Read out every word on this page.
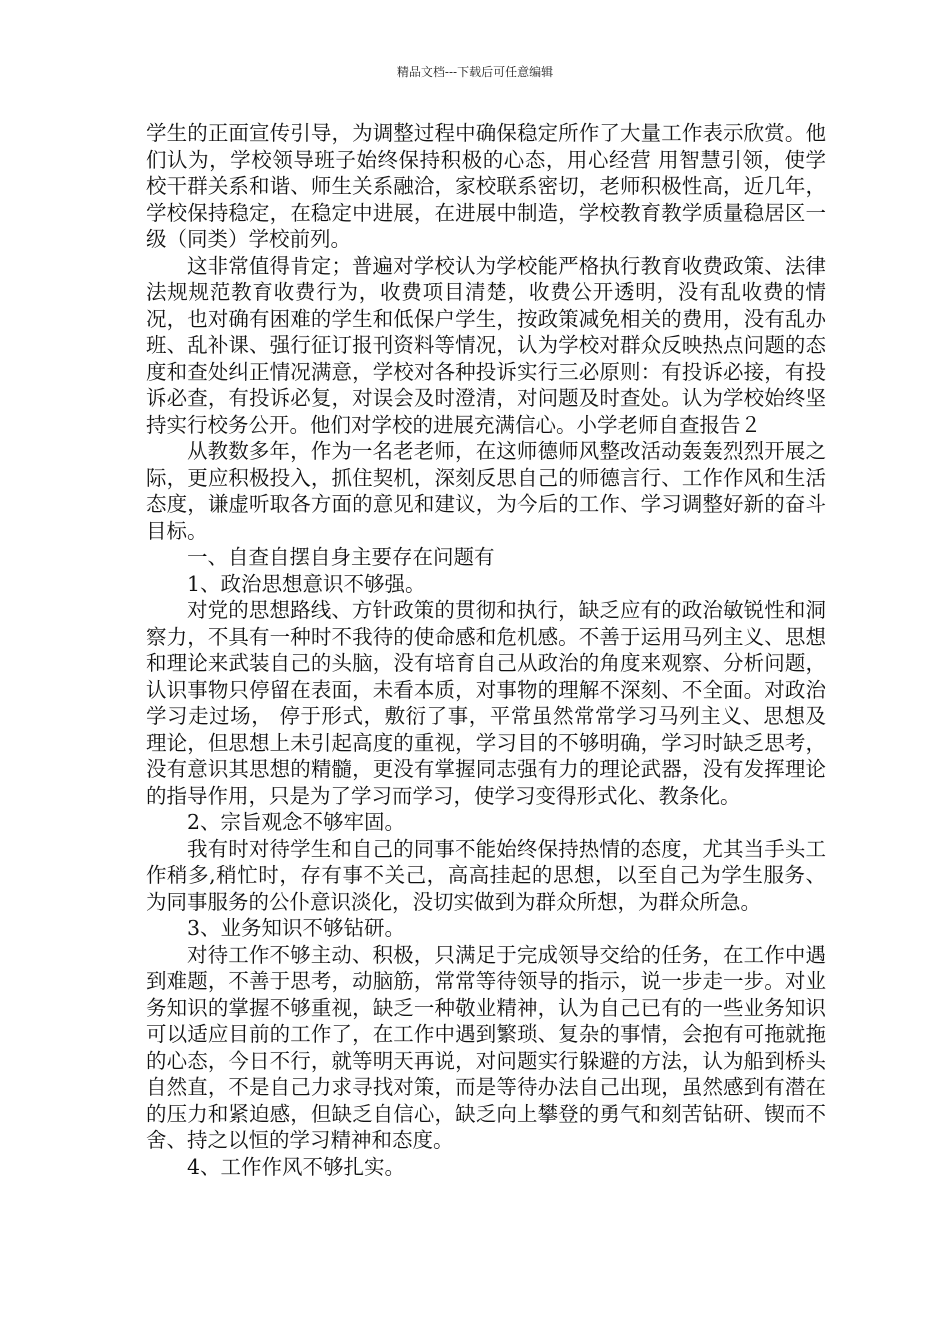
精品文档---下载后可任意编辑

学生的正面宣传引导，为调整过程中确保稳定所作了大量工作表示欣赏。他们认为，学校领导班子始终保持积极的心态，用心经营 用智慧引领，使学校干群关系和谐、师生关系融洽，家校联系密切，老师积极性高，近几年，学校保持稳定，在稳定中进展，在进展中制造，学校教育教学质量稳居区一级（同类）学校前列。

这非常值得肯定；普遍对学校认为学校能严格执行教育收费政策、法律法规规范教育收费行为，收费项目清楚，收费公开透明，没有乱收费的情况，也对确有困难的学生和低保户学生，按政策减免相关的费用，没有乱办班、乱补课、强行征订报刊资料等情况，认为学校对群众反映热点问题的态度和查处纠正情况满意，学校对各种投诉实行三必原则：有投诉必接，有投诉必查，有投诉必复，对误会及时澄清，对问题及时查处。认为学校始终坚持实行校务公开。他们对学校的进展充满信心。小学老师自查报告２

从教数多年，作为一名老老师，在这师德师风整改活动轰轰烈烈开展之际，更应积极投入，抓住契机，深刻反思自己的师德言行、工作作风和生活态度，谦虚听取各方面的意见和建议，为今后的工作、学习调整好新的奋斗目标。

一、自查自摆自身主要存在问题有

1、政治思想意识不够强。

对党的思想路线、方针政策的贯彻和执行，缺乏应有的政治敏锐性和洞察力，不具有一种时不我待的使命感和危机感。不善于运用马列主义、思想和理论来武装自己的头脑，没有培育自己从政治的角度来观察、分析问题，认识事物只停留在表面，未看本质，对事物的理解不深刻、不全面。对政治学习走过场， 停于形式，敷衍了事，平常虽然常常学习马列主义、思想及理论，但思想上未引起高度的重视，学习目的不够明确，学习时缺乏思考，没有意识其思想的精髓，更没有掌握同志强有力的理论武器，没有发挥理论的指导作用，只是为了学习而学习，使学习变得形式化、教条化。

2、宗旨观念不够牢固。

我有时对待学生和自己的同事不能始终保持热情的态度，尤其当手头工作稍多,稍忙时，存有事不关己，高高挂起的思想，以至自己为学生服务、为同事服务的公仆意识淡化，没切实做到为群众所想，为群众所急。

3、业务知识不够钻研。

对待工作不够主动、积极，只满足于完成领导交给的任务，在工作中遇到难题，不善于思考，动脑筋，常常等待领导的指示，说一步走一步。对业务知识的掌握不够重视，缺乏一种敬业精神，认为自己已有的一些业务知识可以适应目前的工作了，在工作中遇到繁琐、复杂的事情，会抱有可拖就拖的心态，今日不行，就等明天再说，对问题实行躲避的方法，认为船到桥头自然直，不是自己力求寻找对策，而是等待办法自己出现，虽然感到有潜在的压力和紧迫感，但缺乏自信心，缺乏向上攀登的勇气和刻苦钻研、锲而不舍、持之以恒的学习精神和态度。

4、工作作风不够扎实。
